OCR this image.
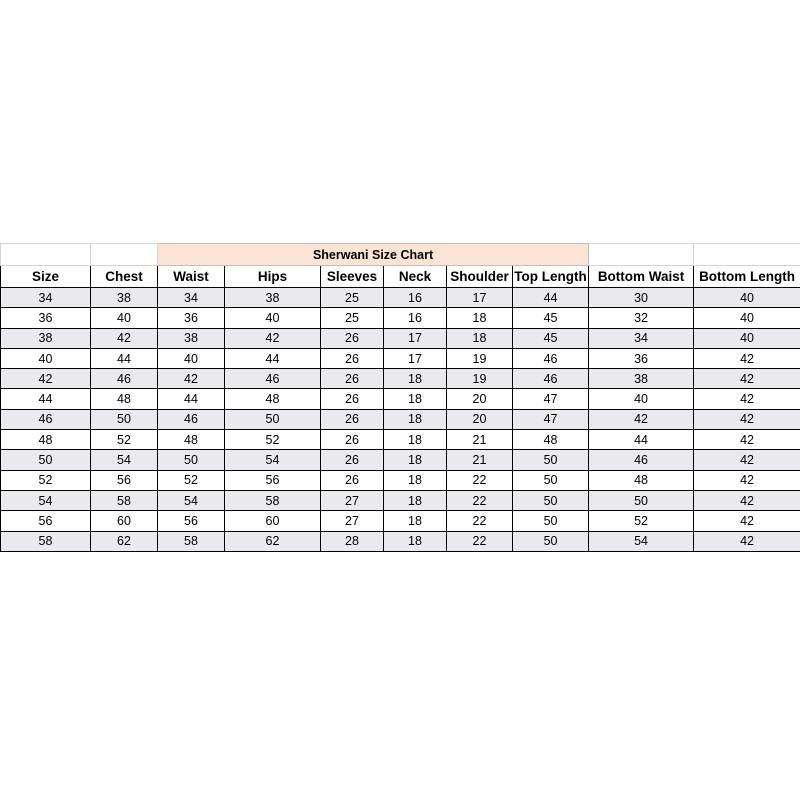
		Sherwani Size Chart							
Size	Chest	Waist	Hips	Sleeves	Neck	Shoulder	Top Length	Bottom Waist	Bottom Length
34	38	34	38	25	16	17	44	30	40
36	40	36	40	25	16	18	45	32	40
38	42	38	42	26	17	18	45	34	40
40	44	40	44	26	17	19	46	36	42
42	46	42	46	26	18	19	46	38	42
44	48	44	48	26	18	20	47	40	42
46	50	46	50	26	18	20	47	42	42
48	52	48	52	26	18	21	48	44	42
50	54	50	54	26	18	21	50	46	42
52	56	52	56	26	18	22	50	48	42
54	58	54	58	27	18	22	50	50	42
56	60	56	60	27	18	22	50	52	42
58	62	58	62	28	18	22	50	54	42
